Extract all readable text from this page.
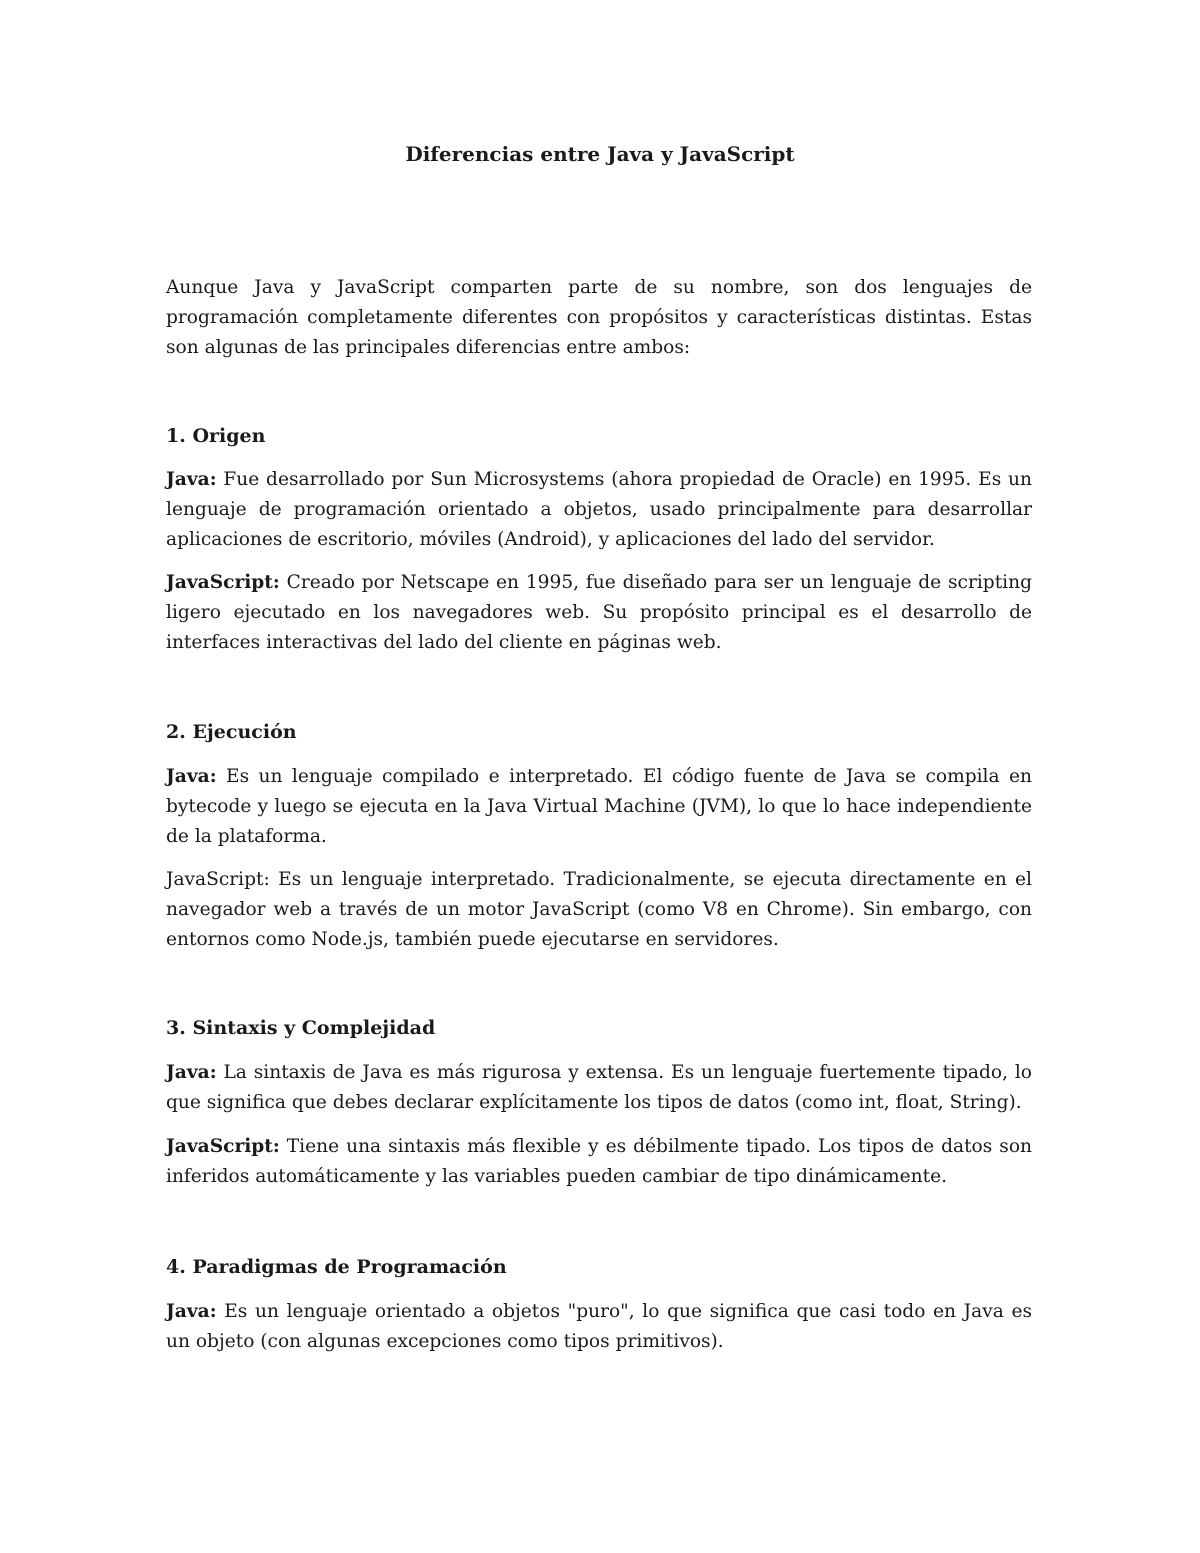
Diferencias entre Java y JavaScript

Aunque Java y JavaScript comparten parte de su nombre, son dos lenguajes de programación completamente diferentes con propósitos y características distintas. Estas son algunas de las principales diferencias entre ambos:

1. Origen

Java: Fue desarrollado por Sun Microsystems (ahora propiedad de Oracle) en 1995. Es un lenguaje de programación orientado a objetos, usado principalmente para desarrollar aplicaciones de escritorio, móviles (Android), y aplicaciones del lado del servidor.

JavaScript: Creado por Netscape en 1995, fue diseñado para ser un lenguaje de scripting ligero ejecutado en los navegadores web. Su propósito principal es el desarrollo de interfaces interactivas del lado del cliente en páginas web.

2. Ejecución

Java: Es un lenguaje compilado e interpretado. El código fuente de Java se compila en bytecode y luego se ejecuta en la Java Virtual Machine (JVM), lo que lo hace independiente de la plataforma.

JavaScript: Es un lenguaje interpretado. Tradicionalmente, se ejecuta directamente en el navegador web a través de un motor JavaScript (como V8 en Chrome). Sin embargo, con entornos como Node.js, también puede ejecutarse en servidores.

3. Sintaxis y Complejidad

Java: La sintaxis de Java es más rigurosa y extensa. Es un lenguaje fuertemente tipado, lo que significa que debes declarar explícitamente los tipos de datos (como int, float, String).

JavaScript: Tiene una sintaxis más flexible y es débilmente tipado. Los tipos de datos son inferidos automáticamente y las variables pueden cambiar de tipo dinámicamente.

4. Paradigmas de Programación

Java: Es un lenguaje orientado a objetos "puro", lo que significa que casi todo en Java es un objeto (con algunas excepciones como tipos primitivos).
